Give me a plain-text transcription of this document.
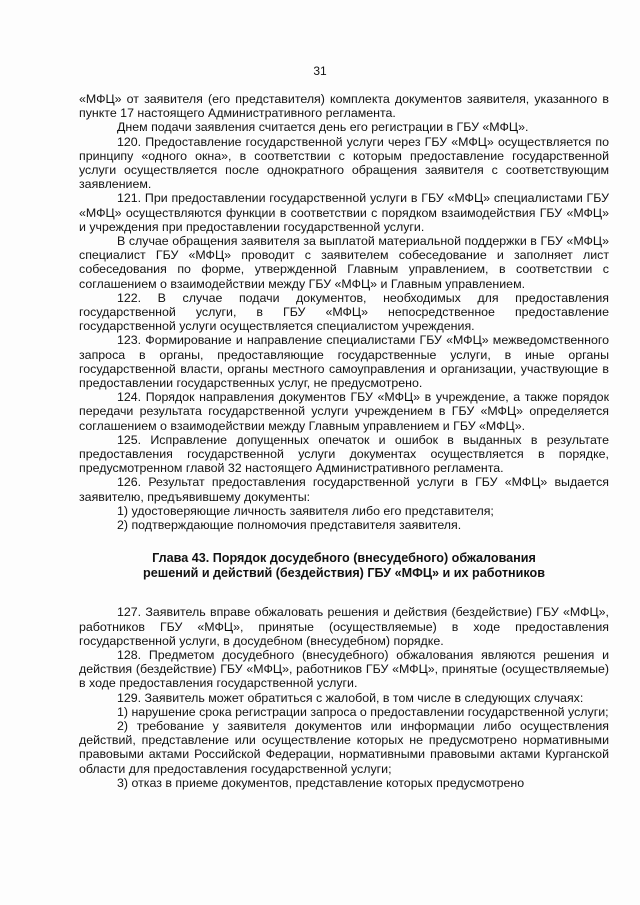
31

«МФЦ» от заявителя (его представителя) комплекта документов заявителя, указанного в пункте 17 настоящего Административного регламента.

Днем подачи заявления считается день его регистрации в ГБУ «МФЦ».

120. Предоставление государственной услуги через ГБУ «МФЦ» осуществляется по принципу «одного окна», в соответствии с которым предоставление государственной услуги осуществляется после однократного обращения заявителя с соответствующим заявлением.

121. При предоставлении государственной услуги в ГБУ «МФЦ» специалистами ГБУ «МФЦ» осуществляются функции в соответствии с порядком взаимодействия ГБУ «МФЦ» и учреждения при предоставлении государственной услуги.

В случае обращения заявителя за выплатой материальной поддержки в ГБУ «МФЦ» специалист ГБУ «МФЦ» проводит с заявителем собеседование и заполняет лист собеседования по форме, утвержденной Главным управлением, в соответствии с соглашением о взаимодействии между ГБУ «МФЦ» и Главным управлением.

122. В случае подачи документов, необходимых для предоставления государственной услуги, в ГБУ «МФЦ» непосредственное предоставление государственной услуги осуществляется специалистом учреждения.

123. Формирование и направление специалистами ГБУ «МФЦ» межведомственного запроса в органы, предоставляющие государственные услуги, в иные органы государственной власти, органы местного самоуправления и организации, участвующие в предоставлении государственных услуг, не предусмотрено.

124. Порядок направления документов ГБУ «МФЦ» в учреждение, а также порядок передачи результата государственной услуги учреждением в ГБУ «МФЦ» определяется соглашением о взаимодействии между Главным управлением и ГБУ «МФЦ».

125. Исправление допущенных опечаток и ошибок в выданных в результате предоставления государственной услуги документах осуществляется в порядке, предусмотренном главой 32 настоящего Административного регламента.

126. Результат предоставления государственной услуги в ГБУ «МФЦ» выдается заявителю, предъявившему документы:

1) удостоверяющие личность заявителя либо его представителя;

2) подтверждающие полномочия представителя заявителя.

Глава 43. Порядок досудебного (внесудебного) обжалования
решений и действий (бездействия) ГБУ «МФЦ» и их работников

127. Заявитель вправе обжаловать решения и действия (бездействие) ГБУ «МФЦ», работников ГБУ «МФЦ», принятые (осуществляемые) в ходе предоставления государственной услуги, в досудебном (внесудебном) порядке.

128. Предметом досудебного (внесудебного) обжалования являются решения и действия (бездействие) ГБУ «МФЦ», работников ГБУ «МФЦ», принятые (осуществляемые) в ходе предоставления государственной услуги.

129. Заявитель может обратиться с жалобой, в том числе в следующих случаях:

1) нарушение срока регистрации запроса о предоставлении государственной услуги;

2) требование у заявителя документов или информации либо осуществления действий, представление или осуществление которых не предусмотрено нормативными правовыми актами Российской Федерации, нормативными правовыми актами Курганской области для предоставления государственной услуги;

3) отказ в приеме документов, представление которых предусмотрено
